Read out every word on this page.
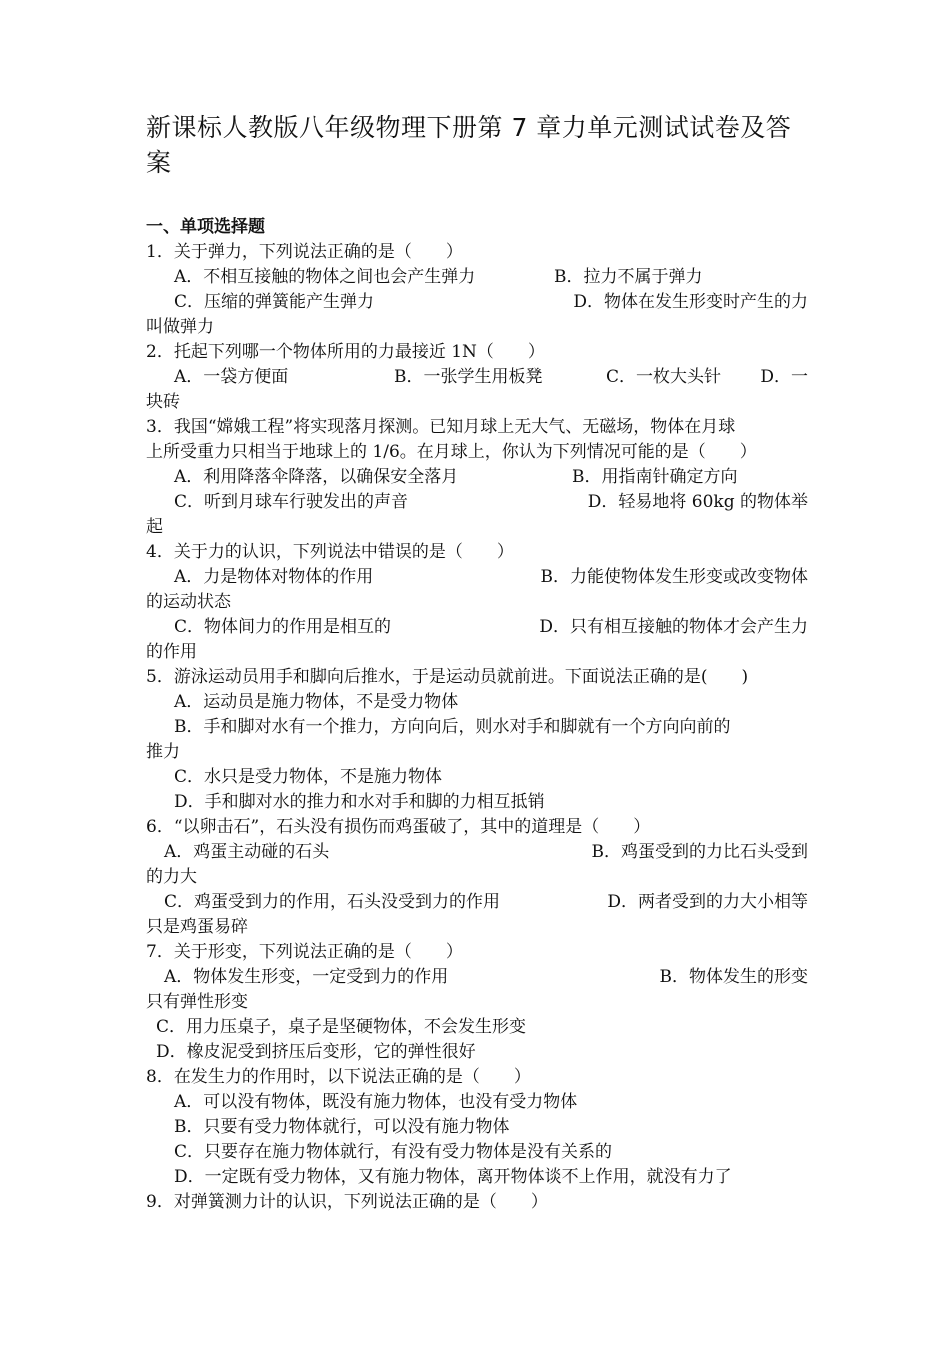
新课标人教版八年级物理下册第 7 章力单元测试试卷及答
案
一、单项选择题
1．关于弹力，下列说法正确的是（　　）
A．不相互接触的物体之间也会产生弹力	B．拉力不属于弹力
C．压缩的弹簧能产生弹力	D．物体在发生形变时产生的力
叫做弹力
2．托起下列哪一个物体所用的力最接近 1N（　　）
A．一袋方便面	B．一张学生用板凳	C．一枚大头针 D．一
块砖
3．我国“嫦娥工程”将实现落月探测。已知月球上无大气、无磁场，物体在月球
上所受重力只相当于地球上的 1/6。在月球上，你认为下列情况可能的是（　　）
A．利用降落伞降落，以确保安全落月	B．用指南针确定方向
C．听到月球车行驶发出的声音	D．轻易地将 60kg 的物体举
起
4．关于力的认识，下列说法中错误的是（　　）
A．力是物体对物体的作用	B．力能使物体发生形变或改变物体
的运动状态
C．物体间力的作用是相互的	D．只有相互接触的物体才会产生力
的作用
5．游泳运动员用手和脚向后推水，于是运动员就前进。下面说法正确的是(　　)
A．运动员是施力物体，不是受力物体
B．手和脚对水有一个推力，方向向后，则水对手和脚就有一个方向向前的
推力
C．水只是受力物体，不是施力物体
D．手和脚对水的推力和水对手和脚的力相互抵销
6．“以卵击石”，石头没有损伤而鸡蛋破了，其中的道理是（　　）
A．鸡蛋主动碰的石头	B．鸡蛋受到的力比石头受到
的力大
C．鸡蛋受到力的作用，石头没受到力的作用	D．两者受到的力大小相等
只是鸡蛋易碎
7．关于形变，下列说法正确的是（　　）
A．物体发生形变，一定受到力的作用	B．物体发生的形变
只有弹性形变
C．用力压桌子，桌子是坚硬物体，不会发生形变
D．橡皮泥受到挤压后变形，它的弹性很好
8．在发生力的作用时，以下说法正确的是（　　）
A．可以没有物体，既没有施力物体，也没有受力物体
B．只要有受力物体就行，可以没有施力物体
C．只要存在施力物体就行，有没有受力物体是没有关系的
D．一定既有受力物体，又有施力物体，离开物体谈不上作用，就没有力了
9．对弹簧测力计的认识，下列说法正确的是（　　）
